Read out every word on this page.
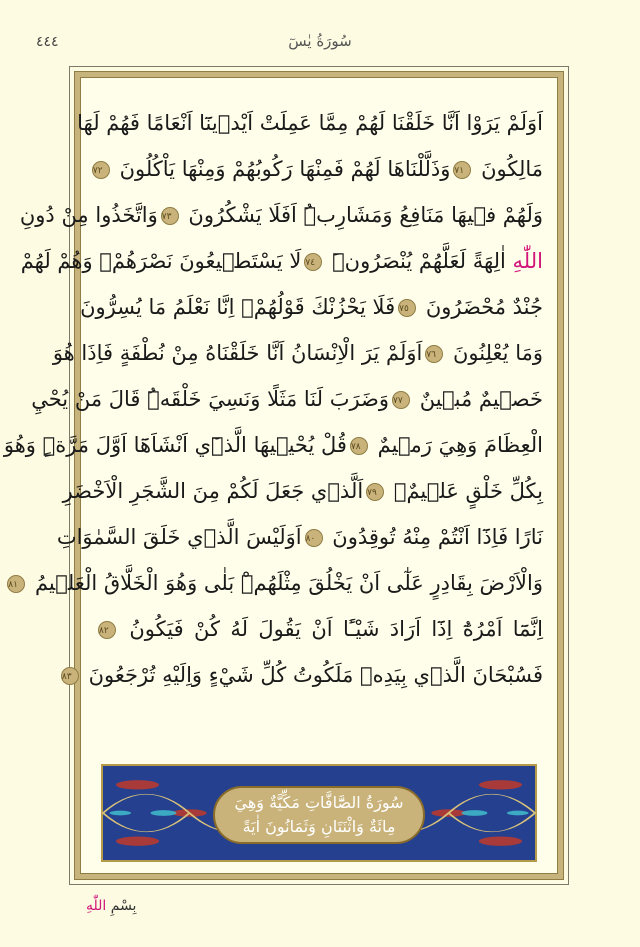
سُورَةُ يٰسٓ
٤٤٤
اَوَلَمْ يَرَوْا اَنَّا خَلَقْنَا لَهُمْ مِمَّا عَمِلَتْ اَيْد۪ينَٓا اَنْعَامًا فَهُمْ لَهَا
مَالِكُونَ ٧١وَذَلَّلْنَاهَا لَهُمْ فَمِنْهَا رَكُوبُهُمْ وَمِنْهَا يَاْكُلُونَ ٧٢
وَلَهُمْ ف۪يهَا مَنَافِعُ وَمَشَارِبُۜ اَفَلَا يَشْكُرُونَ ٧٣وَاتَّخَذُوا مِنْ دُونِ
اللّٰهِ اٰلِهَةً لَعَلَّهُمْ يُنْصَرُونَۜ ٧٤لَا يَسْتَط۪يعُونَ نَصْرَهُمْۙ وَهُمْ لَهُمْ
جُنْدٌ مُحْضَرُونَ ٧٥فَلَا يَحْزُنْكَ قَوْلُهُمْۢ اِنَّا نَعْلَمُ مَا يُسِرُّونَ
وَمَا يُعْلِنُونَ ٧٦اَوَلَمْ يَرَ الْاِنْسَانُ اَنَّا خَلَقْنَاهُ مِنْ نُطْفَةٍ فَاِذَا هُوَ
خَص۪يمٌ مُب۪ينٌ ٧٧وَضَرَبَ لَنَا مَثَلًا وَنَسِيَ خَلْقَهُۜ قَالَ مَنْ يُحْيِ
الْعِظَامَ وَهِيَ رَم۪يمٌ ٧٨قُلْ يُحْي۪يهَا الَّذ۪ٓي اَنْشَاَهَٓا اَوَّلَ مَرَّةٍۜ وَهُوَ
بِكُلِّ خَلْقٍ عَل۪يمٌۙ ٧٩اَلَّذ۪ي جَعَلَ لَكُمْ مِنَ الشَّجَرِ الْاَخْضَرِ
نَارًا فَاِذَٓا اَنْتُمْ مِنْهُ تُوقِدُونَ ٨٠اَوَلَيْسَ الَّذ۪ي خَلَقَ السَّمٰوَاتِ
وَالْاَرْضَ بِقَادِرٍ عَلٰٓى اَنْ يَخْلُقَ مِثْلَهُمْۜ بَلٰى وَهُوَ الْخَلَّاقُ الْعَل۪يمُ ٨١
اِنَّمَٓا اَمْرُهُٓ اِذَٓا اَرَادَ شَيْـًٔا اَنْ يَقُولَ لَهُ كُنْ فَيَكُونُ ٨٢
فَسُبْحَانَ الَّذ۪ي بِيَدِه۪ مَلَكُوتُ كُلِّ شَيْءٍ وَاِلَيْهِ تُرْجَعُونَ ٨٣
سُورَةُ الصَّٓافَّاتِ مَكِّيَّةٌ وَهِيَ
مِائَةٌ وَاثْنَتَانِ وَثَمَانُونَ اٰيَةً
بِسْمِ اللّٰهِ
